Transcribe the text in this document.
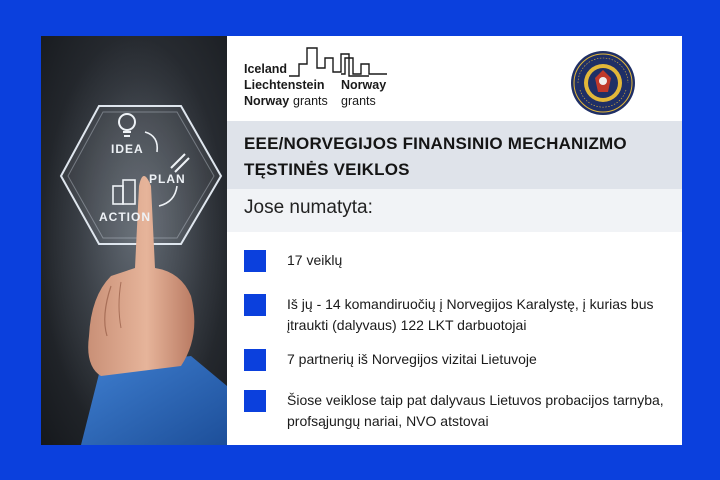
IDEA
PLAN
ACTION
Iceland
Liechtenstein
Norway grants
Norway
grants
EEE/NORVEGIJOS FINANSINIO MECHANIZMO TĘSTINĖS VEIKLOS
Jose numatyta:
17 veiklų
Iš jų - 14 komandiruočių į Norvegijos Karalystę, į kurias bus įtraukti (dalyvaus) 122 LKT darbuotojai
7 partnerių iš Norvegijos vizitai Lietuvoje
Šiose veiklose taip pat dalyvaus Lietuvos probacijos tarnyba, profsąjungų nariai, NVO atstovai
